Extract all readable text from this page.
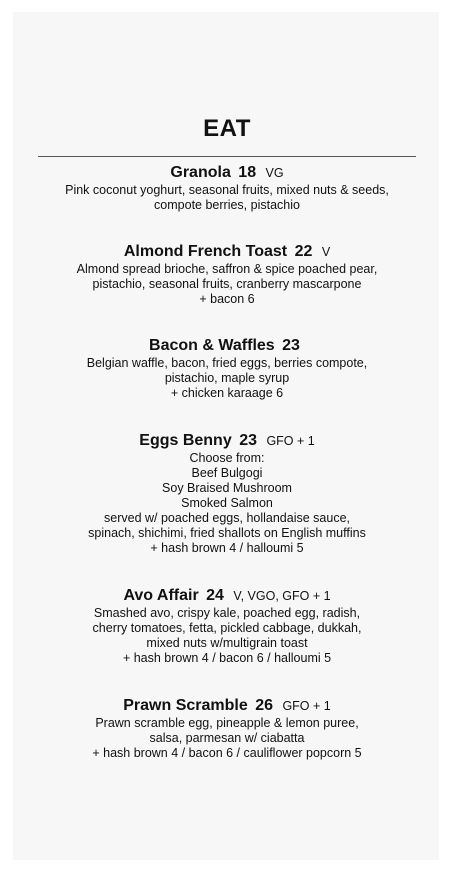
EAT
Granola 18 VG
Pink coconut yoghurt, seasonal fruits, mixed nuts & seeds,
compote berries, pistachio
Almond French Toast 22 V
Almond spread brioche, saffron & spice poached pear,
pistachio, seasonal fruits, cranberry mascarpone
+ bacon 6
Bacon & Waffles 23
Belgian waffle, bacon, fried eggs, berries compote,
pistachio, maple syrup
+ chicken karaage 6
Eggs Benny 23 GFO + 1
Choose from:
Beef Bulgogi
Soy Braised Mushroom
Smoked Salmon
served w/ poached eggs, hollandaise sauce,
spinach, shichimi, fried shallots on English muffins
+ hash brown 4 / halloumi 5
Avo Affair 24 V, VGO, GFO + 1
Smashed avo, crispy kale, poached egg, radish,
cherry tomatoes, fetta, pickled cabbage, dukkah,
mixed nuts w/multigrain toast
+ hash brown 4 / bacon 6 / halloumi 5
Prawn Scramble 26 GFO + 1
Prawn scramble egg, pineapple & lemon puree,
salsa, parmesan w/ ciabatta
+ hash brown 4 / bacon 6 / cauliflower popcorn 5
